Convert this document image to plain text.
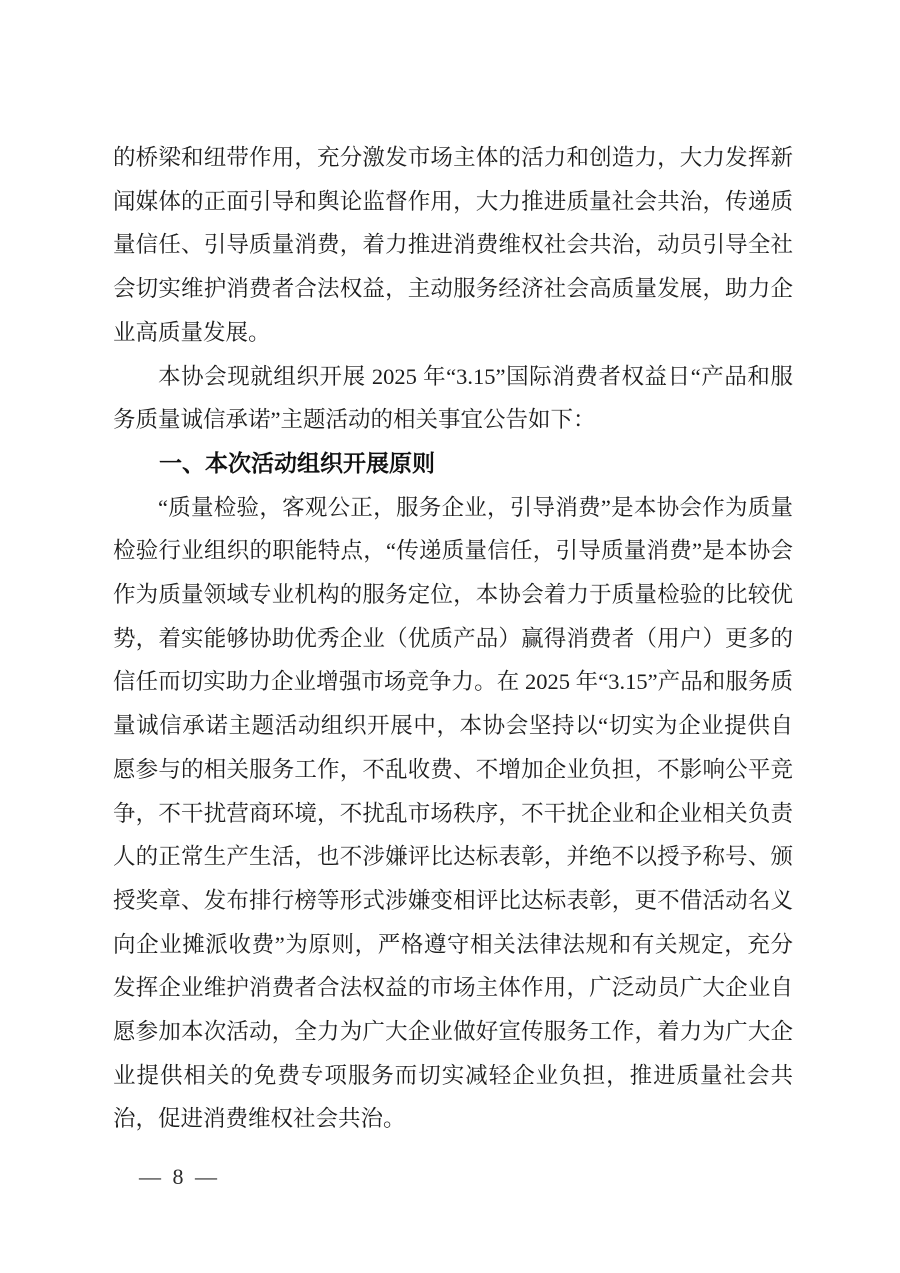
的桥梁和纽带作用，充分激发市场主体的活力和创造力，大力发挥新闻媒体的正面引导和舆论监督作用，大力推进质量社会共治，传递质量信任、引导质量消费，着力推进消费维权社会共治，动员引导全社会切实维护消费者合法权益，主动服务经济社会高质量发展，助力企业高质量发展。

本协会现就组织开展 2025 年“3.15”国际消费者权益日“产品和服务质量诚信承诺”主题活动的相关事宜公告如下：

一、本次活动组织开展原则

“质量检验，客观公正，服务企业，引导消费”是本协会作为质量检验行业组织的职能特点，“传递质量信任，引导质量消费”是本协会作为质量领域专业机构的服务定位，本协会着力于质量检验的比较优势，着实能够协助优秀企业（优质产品）赢得消费者（用户）更多的信任而切实助力企业增强市场竞争力。在 2025 年“3.15”产品和服务质量诚信承诺主题活动组织开展中，本协会坚持以“切实为企业提供自愿参与的相关服务工作，不乱收费、不增加企业负担，不影响公平竞争，不干扰营商环境，不扰乱市场秩序，不干扰企业和企业相关负责人的正常生产生活，也不涉嫌评比达标表彰，并绝不以授予称号、颁授奖章、发布排行榜等形式涉嫌变相评比达标表彰，更不借活动名义向企业摊派收费”为原则，严格遵守相关法律法规和有关规定，充分发挥企业维护消费者合法权益的市场主体作用，广泛动员广大企业自愿参加本次活动，全力为广大企业做好宣传服务工作，着力为广大企业提供相关的免费专项服务而切实减轻企业负担，推进质量社会共治，促进消费维权社会共治。

— 8 —
